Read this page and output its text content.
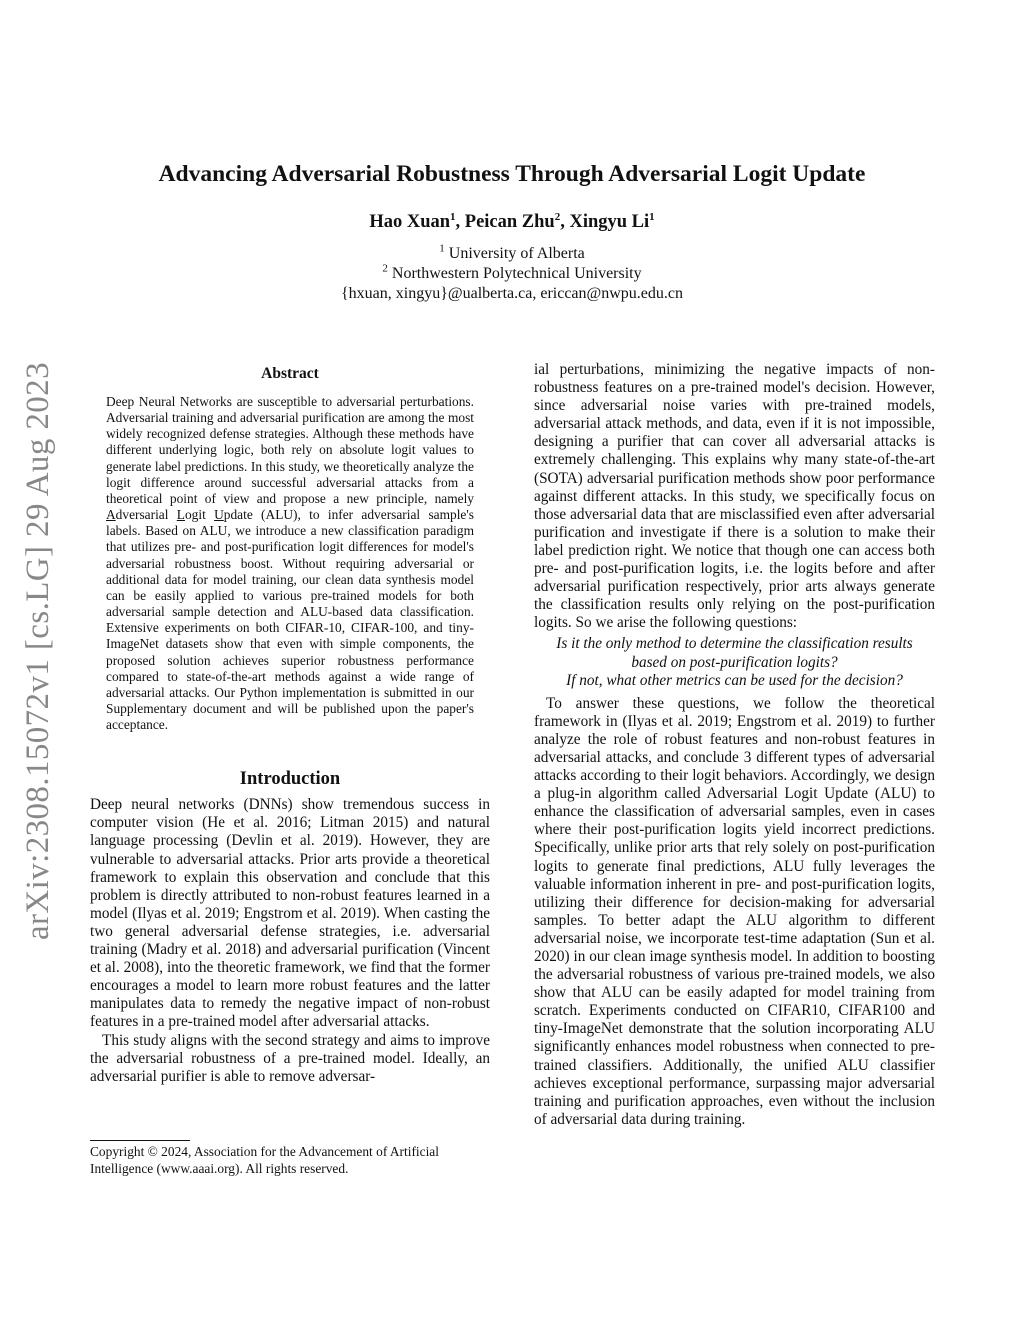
arXiv:2308.15072v1 [cs.LG] 29 Aug 2023
Advancing Adversarial Robustness Through Adversarial Logit Update
Hao Xuan$^1$, Peican Zhu$^2$, Xingyu Li$^1$
$^1$ University of Alberta
$^2$ Northwestern Polytechnical University
{hxuan, xingyu}@ualberta.ca, ericcan@nwpu.edu.cn
Abstract
Deep Neural Networks are susceptible to adversarial perturbations. Adversarial training and adversarial purification are among the most widely recognized defense strategies. Although these methods have different underlying logic, both rely on absolute logit values to generate label predictions. In this study, we theoretically analyze the logit difference around successful adversarial attacks from a theoretical point of view and propose a new principle, namely Adversarial Logit Update (ALU), to infer adversarial sample's labels. Based on ALU, we introduce a new classification paradigm that utilizes pre- and post-purification logit differences for model's adversarial robustness boost. Without requiring adversarial or additional data for model training, our clean data synthesis model can be easily applied to various pre-trained models for both adversarial sample detection and ALU-based data classification. Extensive experiments on both CIFAR-10, CIFAR-100, and tiny-ImageNet datasets show that even with simple components, the proposed solution achieves superior robustness performance compared to state-of-the-art methods against a wide range of adversarial attacks. Our Python implementation is submitted in our Supplementary document and will be published upon the paper's acceptance.
Introduction

Deep neural networks (DNNs) show tremendous success in computer vision (He et al. 2016; Litman 2015) and natural language processing (Devlin et al. 2019). However, they are vulnerable to adversarial attacks. Prior arts provide a theoretical framework to explain this observation and conclude that this problem is directly attributed to non-robust features learned in a model (Ilyas et al. 2019; Engstrom et al. 2019). When casting the two general adversarial defense strategies, i.e. adversarial training (Madry et al. 2018) and adversarial purification (Vincent et al. 2008), into the theoretic framework, we find that the former encourages a model to learn more robust features and the latter manipulates data to remedy the negative impact of non-robust features in a pre-trained model after adversarial attacks.

This study aligns with the second strategy and aims to improve the adversarial robustness of a pre-trained model. Ideally, an adversarial purifier is able to remove adversar-

Copyright © 2024, Association for the Advancement of Artificial Intelligence (www.aaai.org). All rights reserved.

ial perturbations, minimizing the negative impacts of non-robustness features on a pre-trained model's decision. However, since adversarial noise varies with pre-trained models, adversarial attack methods, and data, even if it is not impossible, designing a purifier that can cover all adversarial attacks is extremely challenging. This explains why many state-of-the-art (SOTA) adversarial purification methods show poor performance against different attacks. In this study, we specifically focus on those adversarial data that are misclassified even after adversarial purification and investigate if there is a solution to make their label prediction right. We notice that though one can access both pre- and post-purification logits, i.e. the logits before and after adversarial purification respectively, prior arts always generate the classification results only relying on the post-purification logits. So we arise the following questions:

Is it the only method to determine the classification results
based on post-purification logits?
If not, what other metrics can be used for the decision?

To answer these questions, we follow the theoretical framework in (Ilyas et al. 2019; Engstrom et al. 2019) to further analyze the role of robust features and non-robust features in adversarial attacks, and conclude 3 different types of adversarial attacks according to their logit behaviors. Accordingly, we design a plug-in algorithm called Adversarial Logit Update (ALU) to enhance the classification of adversarial samples, even in cases where their post-purification logits yield incorrect predictions. Specifically, unlike prior arts that rely solely on post-purification logits to generate final predictions, ALU fully leverages the valuable information inherent in pre- and post-purification logits, utilizing their difference for decision-making for adversarial samples. To better adapt the ALU algorithm to different adversarial noise, we incorporate test-time adaptation (Sun et al. 2020) in our clean image synthesis model. In addition to boosting the adversarial robustness of various pre-trained models, we also show that ALU can be easily adapted for model training from scratch. Experiments conducted on CIFAR10, CIFAR100 and tiny-ImageNet demonstrate that the solution incorporating ALU significantly enhances model robustness when connected to pre-trained classifiers. Additionally, the unified ALU classifier achieves exceptional performance, surpassing major adversarial training and purification approaches, even without the inclusion of adversarial data during training.
